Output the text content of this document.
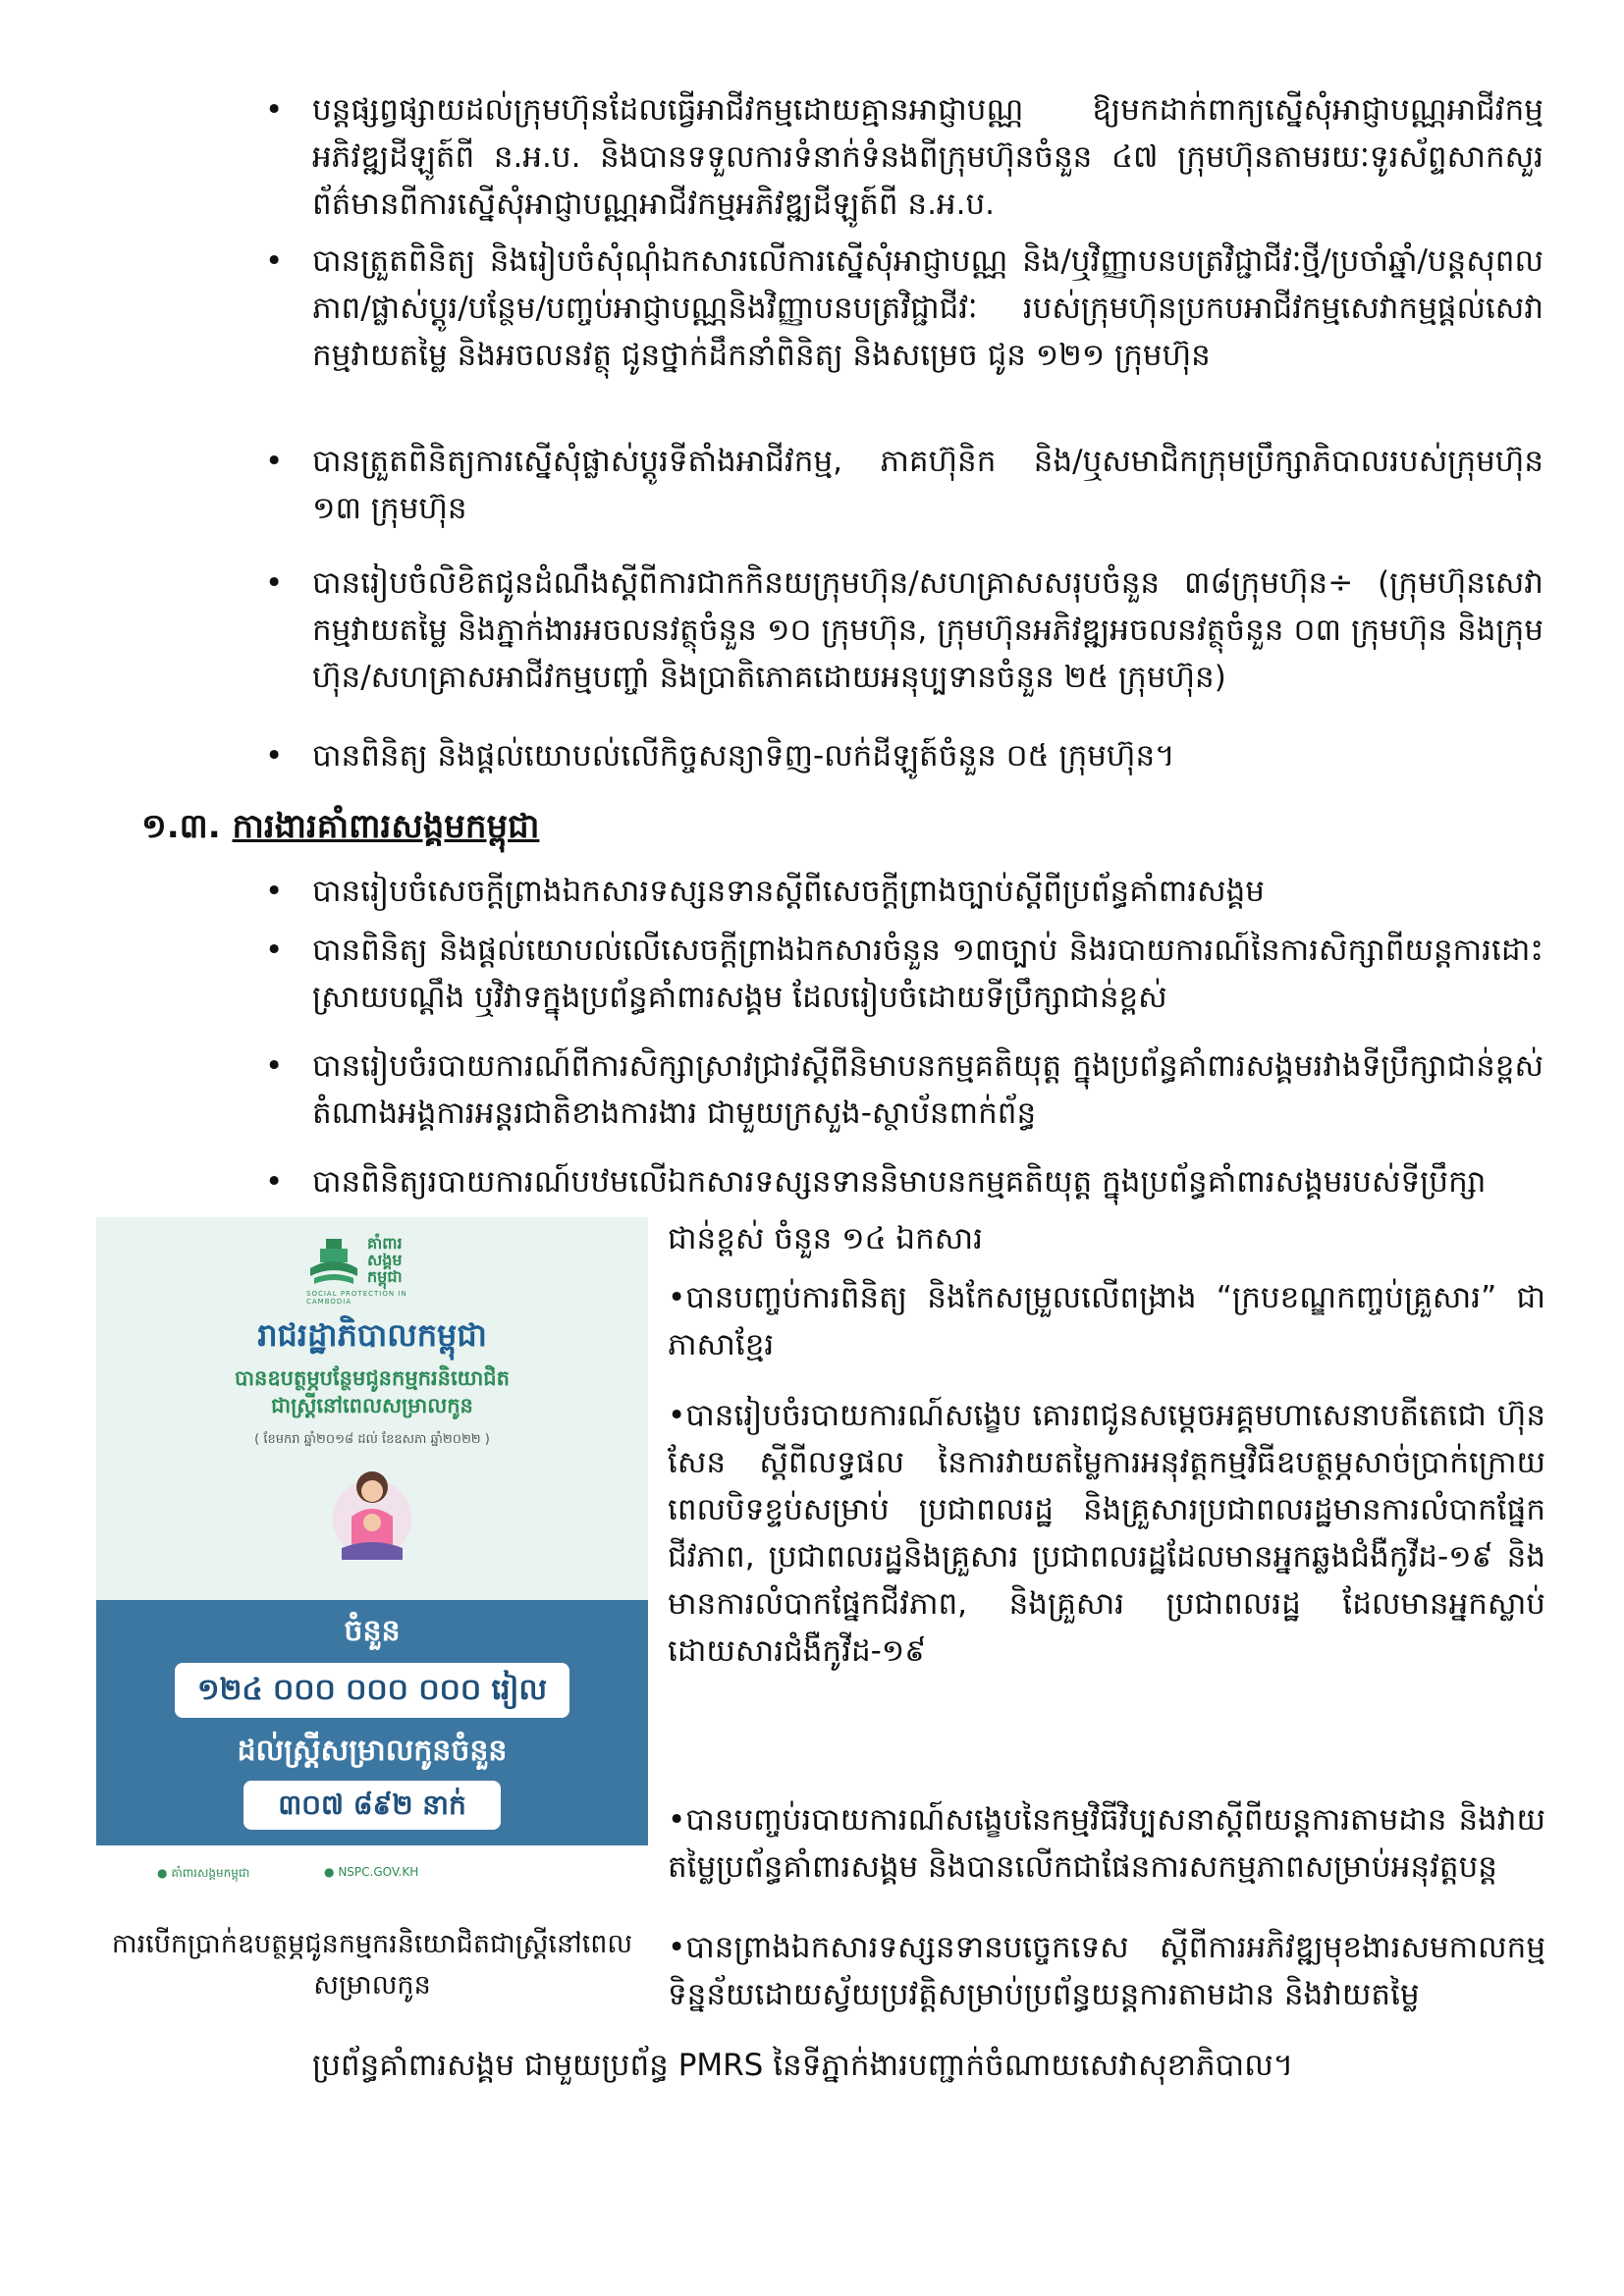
• បន្តផ្សព្វផ្សាយដល់ក្រុមហ៊ុនដែលធ្វើអាជីវកម្មដោយគ្មានអាជ្ញាបណ្ណ ឱ្យមកដាក់ពាក្យស្នើសុំអាជ្ញាបណ្ណអាជីវកម្មអភិវឌ្ឍដីឡូត៍ពី ន.អ.ប. និងបានទទួលការទំនាក់ទំនងពីក្រុមហ៊ុនចំនួន ៤៧ ក្រុមហ៊ុនតាមរយៈទូរស័ព្ទសាកសួរព័ត៌មានពីការស្នើសុំអាជ្ញាបណ្ណអាជីវកម្មអភិវឌ្ឍដីឡូត៍ពី ន.អ.ប.
• បានត្រួតពិនិត្យ និងរៀបចំសុំណុំឯកសារលើការស្នើសុំអាជ្ញាបណ្ណ និង/ឬវិញ្ញាបនបត្រវិជ្ជាជីវៈថ្មី/ប្រចាំឆ្នាំ/បន្តសុពលភាព/ផ្លាស់ប្តូរ/បន្ថែម/បញ្ចប់អាជ្ញាបណ្ណនិងវិញ្ញាបនបត្រវិជ្ជាជីវៈ របស់ក្រុមហ៊ុនប្រកបអាជីវកម្មសេវាកម្មផ្តល់សេវាកម្មវាយតម្លៃ និងអចលនវត្ថុ ជូនថ្នាក់ដឹកនាំពិនិត្យ និងសម្រេច ជូន ១២១ ក្រុមហ៊ុន
• បានត្រួតពិនិត្យការស្នើសុំផ្លាស់ប្តូរទីតាំងអាជីវកម្ម, ភាគហ៊ុនិក និង/ឬសមាជិកក្រុមប្រឹក្សាភិបាលរបស់ក្រុមហ៊ុន ១៣ ក្រុមហ៊ុន
• បានរៀបចំលិខិតជូនដំណឹងស្តីពីការជាកកិនយក្រុមហ៊ុន/សហគ្រាសសរុបចំនួន ៣៨ក្រុមហ៊ុន÷ (ក្រុមហ៊ុនសេវាកម្មវាយតម្លៃ និងភ្នាក់ងារអចលនវត្ថុចំនួន ១០ ក្រុមហ៊ុន, ក្រុមហ៊ុនអភិវឌ្ឍអចលនវត្ថុចំនួន ០៣ ក្រុមហ៊ុន និងក្រុមហ៊ុន/សហគ្រាសអាជីវកម្មបញ្ចាំ និងប្រាតិភោគដោយអនុប្បទានចំនួន ២៥ ក្រុមហ៊ុន)
• បានពិនិត្យ និងផ្តល់យោបល់លើកិច្ចសន្យាទិញ-លក់ដីឡូត៍ចំនួន ០៥ ក្រុមហ៊ុន។
១.៣. ការងារគាំពារសង្គមកម្ពុជា
• បានរៀបចំសេចក្តីព្រាងឯកសារទស្សនទានស្តីពីសេចក្តីព្រាងច្បាប់ស្តីពីប្រព័ន្ធគាំពារសង្គម
• បានពិនិត្យ និងផ្តល់យោបល់លើសេចក្តីព្រាងឯកសារចំនួន ១៣ច្បាប់ និងរបាយការណ៍នៃការសិក្សាពីយន្តការដោះស្រាយបណ្តឹង ឬវិវាទក្នុងប្រព័ន្ធគាំពារសង្គម ដែលរៀបចំដោយទីប្រឹក្សាជាន់ខ្ពស់
• បានរៀបចំរបាយការណ៍ពីការសិក្សាស្រាវជ្រាវស្តីពីនិមាបនកម្មគតិយុត្ត ក្នុងប្រព័ន្ធគាំពារសង្គមរវាងទីប្រឹក្សាជាន់ខ្ពស់តំណាងអង្គការអន្តរជាតិខាងការងារ ជាមួយក្រសួង-ស្ថាប័នពាក់ព័ន្ធ
• បានពិនិត្យរបាយការណ៍បឋមលើឯកសារទស្សនទាននិមាបនកម្មគតិយុត្ត ក្នុងប្រព័ន្ធគាំពារសង្គមរបស់ទីប្រឹក្សា
ជាន់ខ្ពស់ ចំនួន ១៤ ឯកសារ
•បានបញ្ចប់ការពិនិត្យ និងកែសម្រួលលើពង្រាង “ក្របខណ្ឌកញ្ចប់គ្រួសារ” ជាភាសាខ្មែរ
•បានរៀបចំរបាយការណ៍សង្ខេប គោរពជូនសម្តេចអគ្គមហាសេនាបតីតេជោ ហ៊ុន សែន ស្តីពីលទ្ធផល នៃការវាយតម្លៃការអនុវត្តកម្មវិធីឧបត្ថម្ភសាច់ប្រាក់ក្រោយពេលបិទខ្ទប់សម្រាប់ ប្រជាពលរដ្ឋ និងគ្រួសារប្រជាពលរដ្ឋមានការលំបាកផ្នែកជីវភាព, ប្រជាពលរដ្ឋនិងគ្រួសារ ប្រជាពលរដ្ឋដែលមានអ្នកឆ្លងជំងឺកូវីដ-១៩ និងមានការលំបាកផ្នែកជីវភាព, និងគ្រួសារ ប្រជាពលរដ្ឋ ដែលមានអ្នកស្លាប់ដោយសារជំងឺកូវីដ-១៩
•បានបញ្ចប់របាយការណ៍សង្ខេបនៃកម្មវិធីវិប្បសនាស្តីពីយន្តការតាមដាន និងវាយតម្លៃប្រព័ន្ធគាំពារសង្គម និងបានលើកជាផែនការសកម្មភាពសម្រាប់អនុវត្តបន្ត
•បានព្រាងឯកសារទស្សនទានបច្ចេកទេស ស្តីពីការអភិវឌ្ឍមុខងារសមកាលកម្មទិន្នន័យដោយស្វ័យប្រវត្តិសម្រាប់ប្រព័ន្ធយន្តការតាមដាន និងវាយតម្លៃ
ប្រព័ន្ធគាំពារសង្គម ជាមួយប្រព័ន្ធ PMRS នៃទីភ្នាក់ងារបញ្ជាក់ចំណាយសេវាសុខាភិបាល។
គាំពារ
សង្គម
កម្ពុជា
SOCIAL PROTECTION IN CAMBODIA
រាជរដ្ឋាភិបាលកម្ពុជា
បានឧបត្ថម្ភបន្ថែមជូនកម្មករនិយោជិត
ជាស្ត្រីនៅពេលសម្រាលកូន
( ខែមករា ឆ្នាំ២០១៨ ដល់ ខែឧសភា ឆ្នាំ២០២២ )
ចំនួន
១២៤ ០០០ ០០០ ០០០ រៀល
ដល់ស្ត្រីសម្រាលកូនចំនួន
៣០៧ ៨៩២ នាក់
● គាំពារសង្គមកម្ពុជា	● NSPC.GOV.KH
ការបើកប្រាក់ឧបត្ថម្ភជូនកម្មករនិយោជិតជាស្ត្រីនៅពេលសម្រាលកូន
